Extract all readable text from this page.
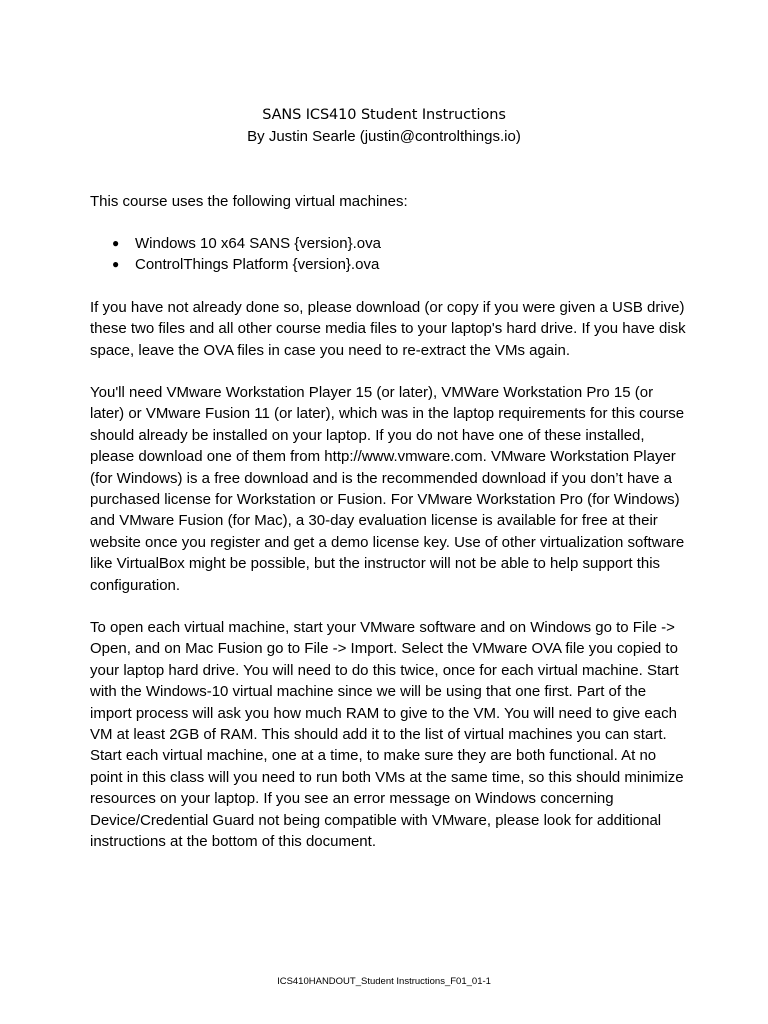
SANS ICS410 Student Instructions
By Justin Searle (justin@controlthings.io)

This course uses the following virtual machines:

● Windows 10 x64 SANS {version}.ova
● ControlThings Platform {version}.ova

If you have not already done so, please download (or copy if you were given a USB drive) these two files and all other course media files to your laptop's hard drive. If you have disk space, leave the OVA files in case you need to re-extract the VMs again.

You'll need VMware Workstation Player 15 (or later), VMWare Workstation Pro 15 (or later) or VMware Fusion 11 (or later), which was in the laptop requirements for this course should already be installed on your laptop. If you do not have one of these installed, please download one of them from http://www.vmware.com. VMware Workstation Player (for Windows) is a free download and is the recommended download if you don’t have a purchased license for Workstation or Fusion. For VMware Workstation Pro (for Windows) and VMware Fusion (for Mac), a 30-day evaluation license is available for free at their website once you register and get a demo license key. Use of other virtualization software like VirtualBox might be possible, but the instructor will not be able to help support this configuration.

To open each virtual machine, start your VMware software and on Windows go to File -> Open, and on Mac Fusion go to File -> Import. Select the VMware OVA file you copied to your laptop hard drive. You will need to do this twice, once for each virtual machine. Start with the Windows-10 virtual machine since we will be using that one first. Part of the import process will ask you how much RAM to give to the VM. You will need to give each VM at least 2GB of RAM. This should add it to the list of virtual machines you can start. Start each virtual machine, one at a time, to make sure they are both functional. At no point in this class will you need to run both VMs at the same time, so this should minimize resources on your laptop. If you see an error message on Windows concerning Device/Credential Guard not being compatible with VMware, please look for additional instructions at the bottom of this document.

ICS410HANDOUT_Student Instructions_F01_01-1
